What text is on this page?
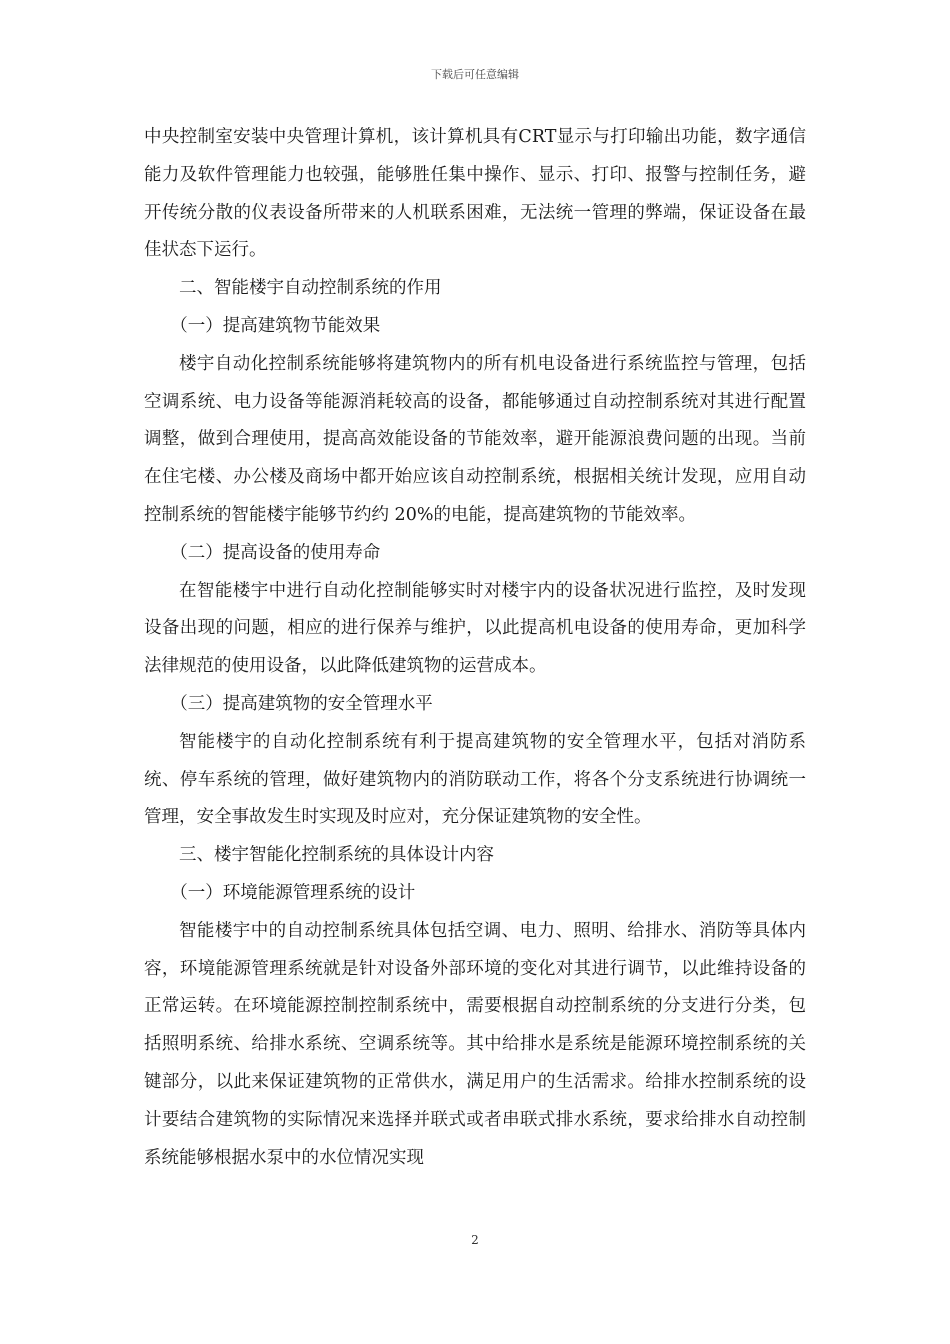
下载后可任意编辑

中央控制室安装中央管理计算机，该计算机具有CRT显示与打印输出功能，数字通信能力及软件管理能力也较强，能够胜任集中操作、显示、打印、报警与控制任务，避开传统分散的仪表设备所带来的人机联系困难，无法统一管理的弊端，保证设备在最佳状态下运行。

二、智能楼宇自动控制系统的作用

（一）提高建筑物节能效果

楼宇自动化控制系统能够将建筑物内的所有机电设备进行系统监控与管理，包括空调系统、电力设备等能源消耗较高的设备，都能够通过自动控制系统对其进行配置调整，做到合理使用，提高高效能设备的节能效率，避开能源浪费问题的出现。当前在住宅楼、办公楼及商场中都开始应该自动控制系统，根据相关统计发现，应用自动控制系统的智能楼宇能够节约约 20%的电能，提高建筑物的节能效率。

（二）提高设备的使用寿命

在智能楼宇中进行自动化控制能够实时对楼宇内的设备状况进行监控，及时发现设备出现的问题，相应的进行保养与维护，以此提高机电设备的使用寿命，更加科学法律规范的使用设备，以此降低建筑物的运营成本。

（三）提高建筑物的安全管理水平

智能楼宇的自动化控制系统有利于提高建筑物的安全管理水平，包括对消防系统、停车系统的管理，做好建筑物内的消防联动工作，将各个分支系统进行协调统一管理，安全事故发生时实现及时应对，充分保证建筑物的安全性。

三、楼宇智能化控制系统的具体设计内容

（一）环境能源管理系统的设计

智能楼宇中的自动控制系统具体包括空调、电力、照明、给排水、消防等具体内容，环境能源管理系统就是针对设备外部环境的变化对其进行调节，以此维持设备的正常运转。在环境能源控制控制系统中，需要根据自动控制系统的分支进行分类，包括照明系统、给排水系统、空调系统等。其中给排水是系统是能源环境控制系统的关键部分，以此来保证建筑物的正常供水，满足用户的生活需求。给排水控制系统的设计要结合建筑物的实际情况来选择并联式或者串联式排水系统，要求给排水自动控制系统能够根据水泵中的水位情况实现

2
